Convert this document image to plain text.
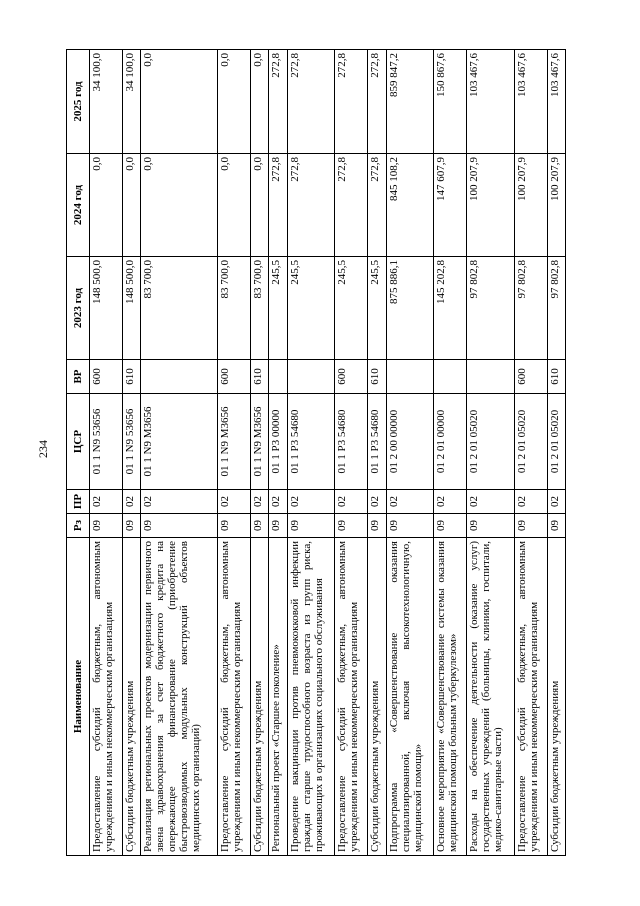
234
Наименование	Рз	ПР	ЦСР	ВР	2023 год	2024 год	2025 год
Предоставление субсидий бюджетным, автономным учреждениям и иным некоммерческим организациям	09	02	01 1 N9 53656	600	148 500,0	0,0	34 100,0
Субсидии бюджетным учреждениям	09	02	01 1 N9 53656	610	148 500,0	0,0	34 100,0
Реализация региональных проектов модернизации первичного звена здравоохранения за счет бюджетного кредита на опережающее финансирование (приобретение быстровозводимых модульных конструкций объектов медицинских организаций)	09	02	01 1 N9 М3656		83 700,0	0,0	0,0
Предоставление субсидий бюджетным, автономным учреждениям и иным некоммерческим организациям	09	02	01 1 N9 М3656	600	83 700,0	0,0	0,0
Субсидии бюджетным учреждениям	09	02	01 1 N9 М3656	610	83 700,0	0,0	0,0
Региональный проект «Старшее поколение»	09	02	01 1 P3 00000		245,5	272,8	272,8
Проведение вакцинации против пневмококковой инфекции граждан старше трудоспособного возраста из групп риска, проживающих в организациях социального обслуживания	09	02	01 1 P3 54680		245,5	272,8	272,8
Предоставление субсидий бюджетным, автономным учреждениям и иным некоммерческим организациям	09	02	01 1 P3 54680	600	245,5	272,8	272,8
Субсидии бюджетным учреждениям	09	02	01 1 P3 54680	610	245,5	272,8	272,8
Подпрограмма «Совершенствование оказания специализированной, включая высокотехнологичную, медицинской помощи»	09	02	01 2 00 00000		875 886,1	845 108,2	859 847,2
Основное мероприятие «Совершенствование системы оказания медицинской помощи больным туберкулезом»	09	02	01 2 01 00000		145 202,8	147 607,9	150 867,6
Расходы на обеспечение деятельности (оказание услуг) государственных учреждений (больницы, клиники, госпитали, медико-санитарные части)	09	02	01 2 01 05020		97 802,8	100 207,9	103 467,6
Предоставление субсидий бюджетным, автономным учреждениям и иным некоммерческим организациям	09	02	01 2 01 05020	600	97 802,8	100 207,9	103 467,6
Субсидии бюджетным учреждениям	09	02	01 2 01 05020	610	97 802,8	100 207,9	103 467,6
